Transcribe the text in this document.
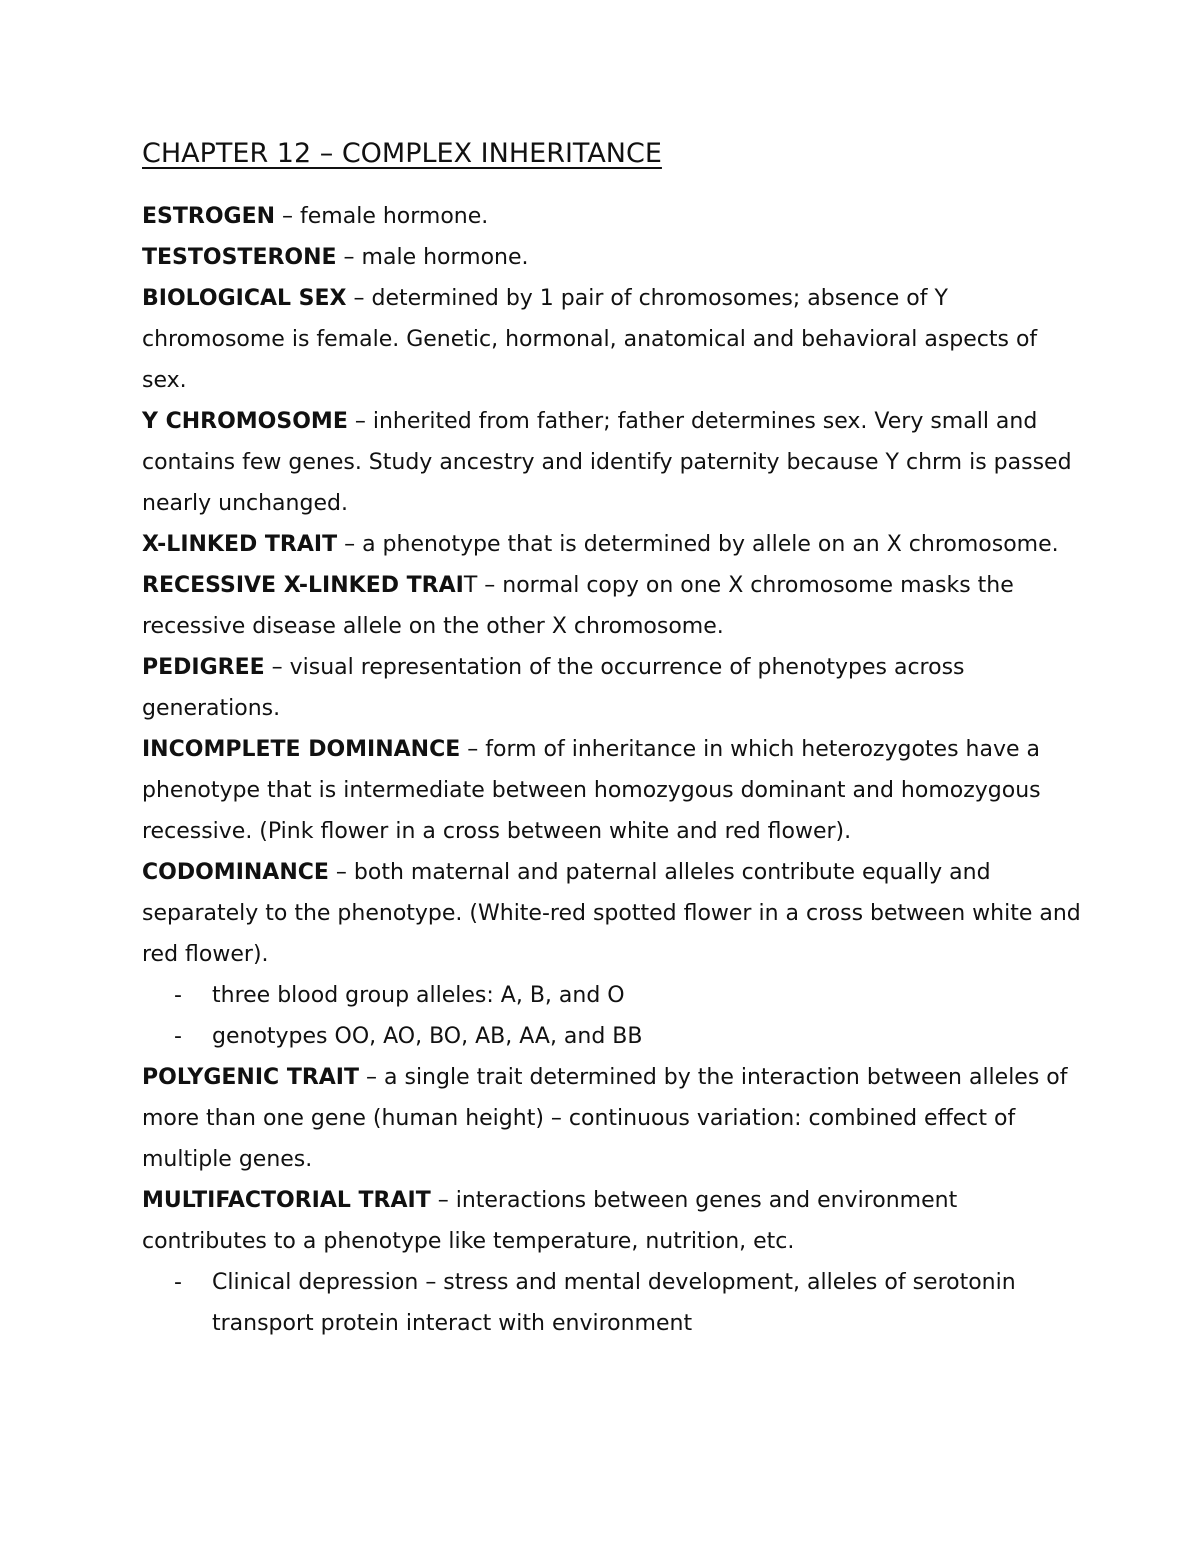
CHAPTER 12 – COMPLEX INHERITANCE

ESTROGEN – female hormone.

TESTOSTERONE – male hormone.

BIOLOGICAL SEX – determined by 1 pair of chromosomes; absence of Y chromosome is female. Genetic, hormonal, anatomical and behavioral aspects of sex.

Y CHROMOSOME – inherited from father; father determines sex. Very small and contains few genes. Study ancestry and identify paternity because Y chrm is passed nearly unchanged.

X-LINKED TRAIT – a phenotype that is determined by allele on an X chromosome.

RECESSIVE X-LINKED TRAIT – normal copy on one X chromosome masks the recessive disease allele on the other X chromosome.

PEDIGREE – visual representation of the occurrence of phenotypes across generations.

INCOMPLETE DOMINANCE – form of inheritance in which heterozygotes have a phenotype that is intermediate between homozygous dominant and homozygous recessive. (Pink flower in a cross between white and red flower).

CODOMINANCE – both maternal and paternal alleles contribute equally and separately to the phenotype. (White-red spotted flower in a cross between white and red flower).

- three blood group alleles: A, B, and O
- genotypes OO, AO, BO, AB, AA, and BB

POLYGENIC TRAIT – a single trait determined by the interaction between alleles of more than one gene (human height) – continuous variation: combined effect of multiple genes.

MULTIFACTORIAL TRAIT – interactions between genes and environment contributes to a phenotype like temperature, nutrition, etc.

- Clinical depression – stress and mental development, alleles of serotonin transport protein interact with environment
